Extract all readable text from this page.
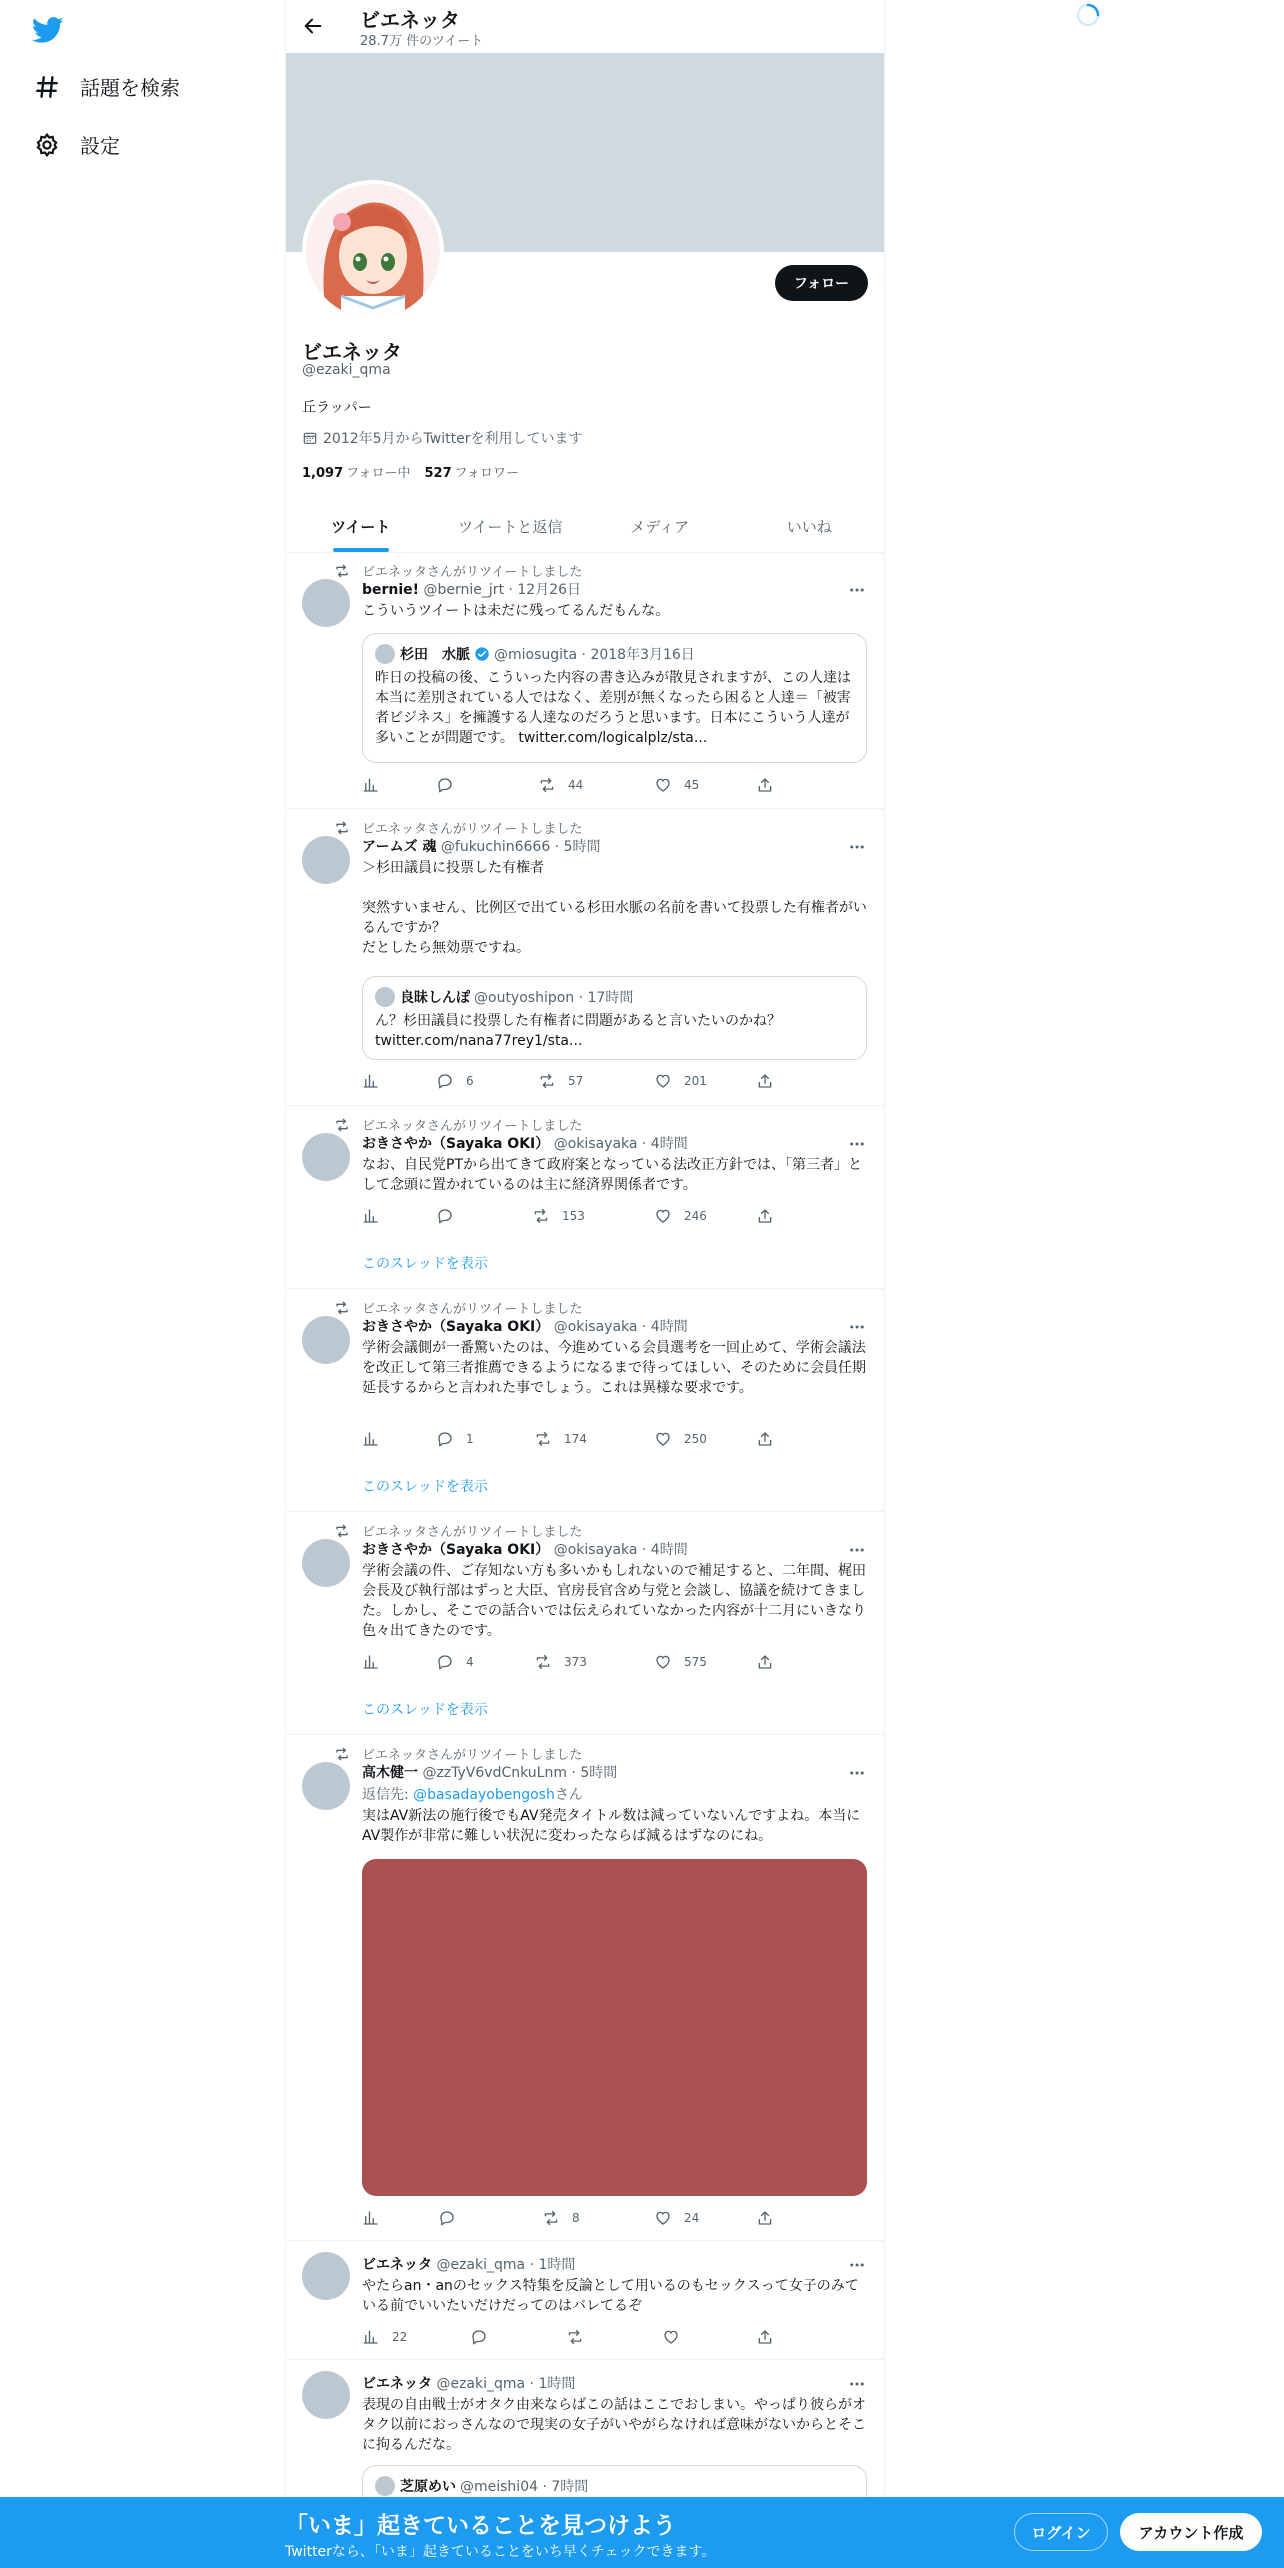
話題を検索
設定
ビエネッタ
28.7万 件のツイート
フォロー
ビエネッタ
@ezaki_qma
丘ラッパー
2012年5月からTwitterを利用しています
1,097 フォロー中 527 フォロワー
ツイート	ツイートと返信	メディア	いいね
ビエネッタさんがリツイートしました
bernie! @bernie_jrt · 12月26日
こういうツイートは未だに残ってるんだもんな。
杉田　水脈 @miosugita · 2018年3月16日
昨日の投稿の後、こういった内容の書き込みが散見されますが、この人達は本当に差別されている人ではなく、差別が無くなったら困ると人達＝「被害者ビジネス」を擁護する人達なのだろうと思います。日本にこういう人達が多いことが問題です。 twitter.com/logicalplz/sta...
44	45
ビエネッタさんがリツイートしました
アームズ 魂 @fukuchin6666 · 5時間
＞杉田議員に投票した有権者

突然すいません、比例区で出ている杉田水脈の名前を書いて投票した有権者がいるんですか？
だとしたら無効票ですね。
良昧しんぽ @outyoshipon · 17時間
ん？杉田議員に投票した有権者に問題があると言いたいのかね？
twitter.com/nana77rey1/sta...
6	57	201
ビエネッタさんがリツイートしました
おきさやか（Sayaka OKI） @okisayaka · 4時間
なお、自民党PTから出てきて政府案となっている法改正方針では、「第三者」として念頭に置かれているのは主に経済界関係者です。
153	246
このスレッドを表示
ビエネッタさんがリツイートしました
おきさやか（Sayaka OKI） @okisayaka · 4時間
学術会議側が一番驚いたのは、今進めている会員選考を一回止めて、学術会議法を改正して第三者推薦できるようになるまで待ってほしい、そのために会員任期延長するからと言われた事でしょう。これは異様な要求です。
1	174	250
このスレッドを表示
ビエネッタさんがリツイートしました
おきさやか（Sayaka OKI） @okisayaka · 4時間
学術会議の件、ご存知ない方も多いかもしれないので補足すると、二年間、梶田会長及び執行部はずっと大臣、官房長官含め与党と会談し、協議を続けてきました。しかし、そこでの話合いでは伝えられていなかった内容が十二月にいきなり色々出てきたのです。
4	373	575
このスレッドを表示
ビエネッタさんがリツイートしました
高木健一 @zzTyV6vdCnkuLnm · 5時間
返信先: @basadayobengoshさん
実はAV新法の施行後でもAV発売タイトル数は減っていないんですよね。本当にAV製作が非常に難しい状況に変わったならば減るはずなのにね。
8	24
ビエネッタ @ezaki_qma · 1時間
やたらan・anのセックス特集を反論として用いるのもセックスって女子のみている前でいいたいだけだってのはバレてるぞ
22
ビエネッタ @ezaki_qma · 1時間
表現の自由戦士がオタク由来ならばこの話はここでおしまい。やっぱり彼らがオタク以前におっさんなので現実の女子がいやがらなければ意味がないからとそこに拘るんだな。
芝原めい @meishi04 · 7時間
「いま」起きていることを見つけよう
Twitterなら、「いま」起きていることをいち早くチェックできます。
ログイン	アカウント作成
